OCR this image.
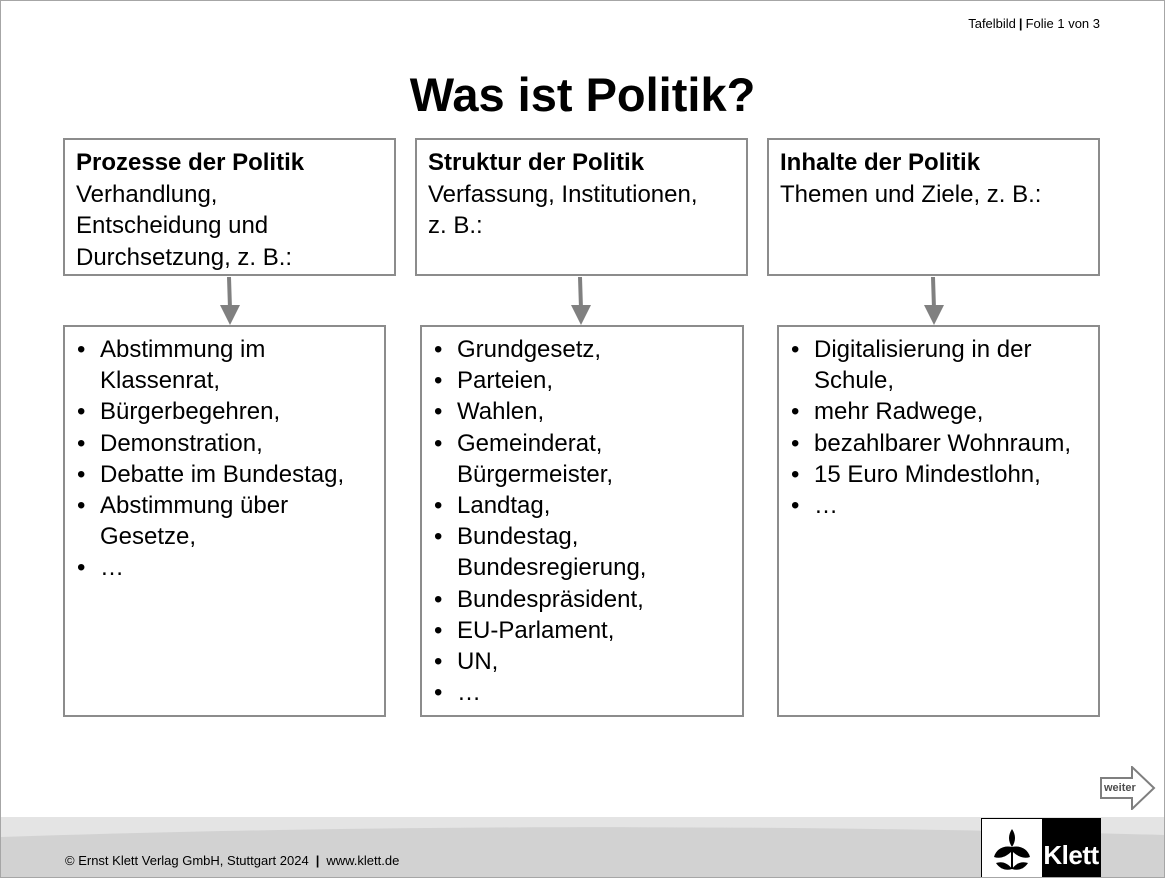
Tafelbild | Folie 1 von 3
Was ist Politik?
Prozesse der Politik
Verhandlung,
Entscheidung und
Durchsetzung, z. B.:
Struktur der Politik
Verfassung, Institutionen,
z. B.:
Inhalte der Politik
Themen und Ziele, z. B.:
• Abstimmung im Klassenrat,
• Bürgerbegehren,
• Demonstration,
• Debatte im Bundestag,
• Abstimmung über Gesetze,
• …
• Grundgesetz,
• Parteien,
• Wahlen,
• Gemeinderat, Bürgermeister,
• Landtag,
• Bundestag, Bundesregierung,
• Bundespräsident,
• EU-Parlament,
• UN,
• …
• Digitalisierung in der Schule,
• mehr Radwege,
• bezahlbarer Wohnraum,
• 15 Euro Mindestlohn,
• …
© Ernst Klett Verlag GmbH, Stuttgart 2024 | www.klett.de
weiter
Klett
